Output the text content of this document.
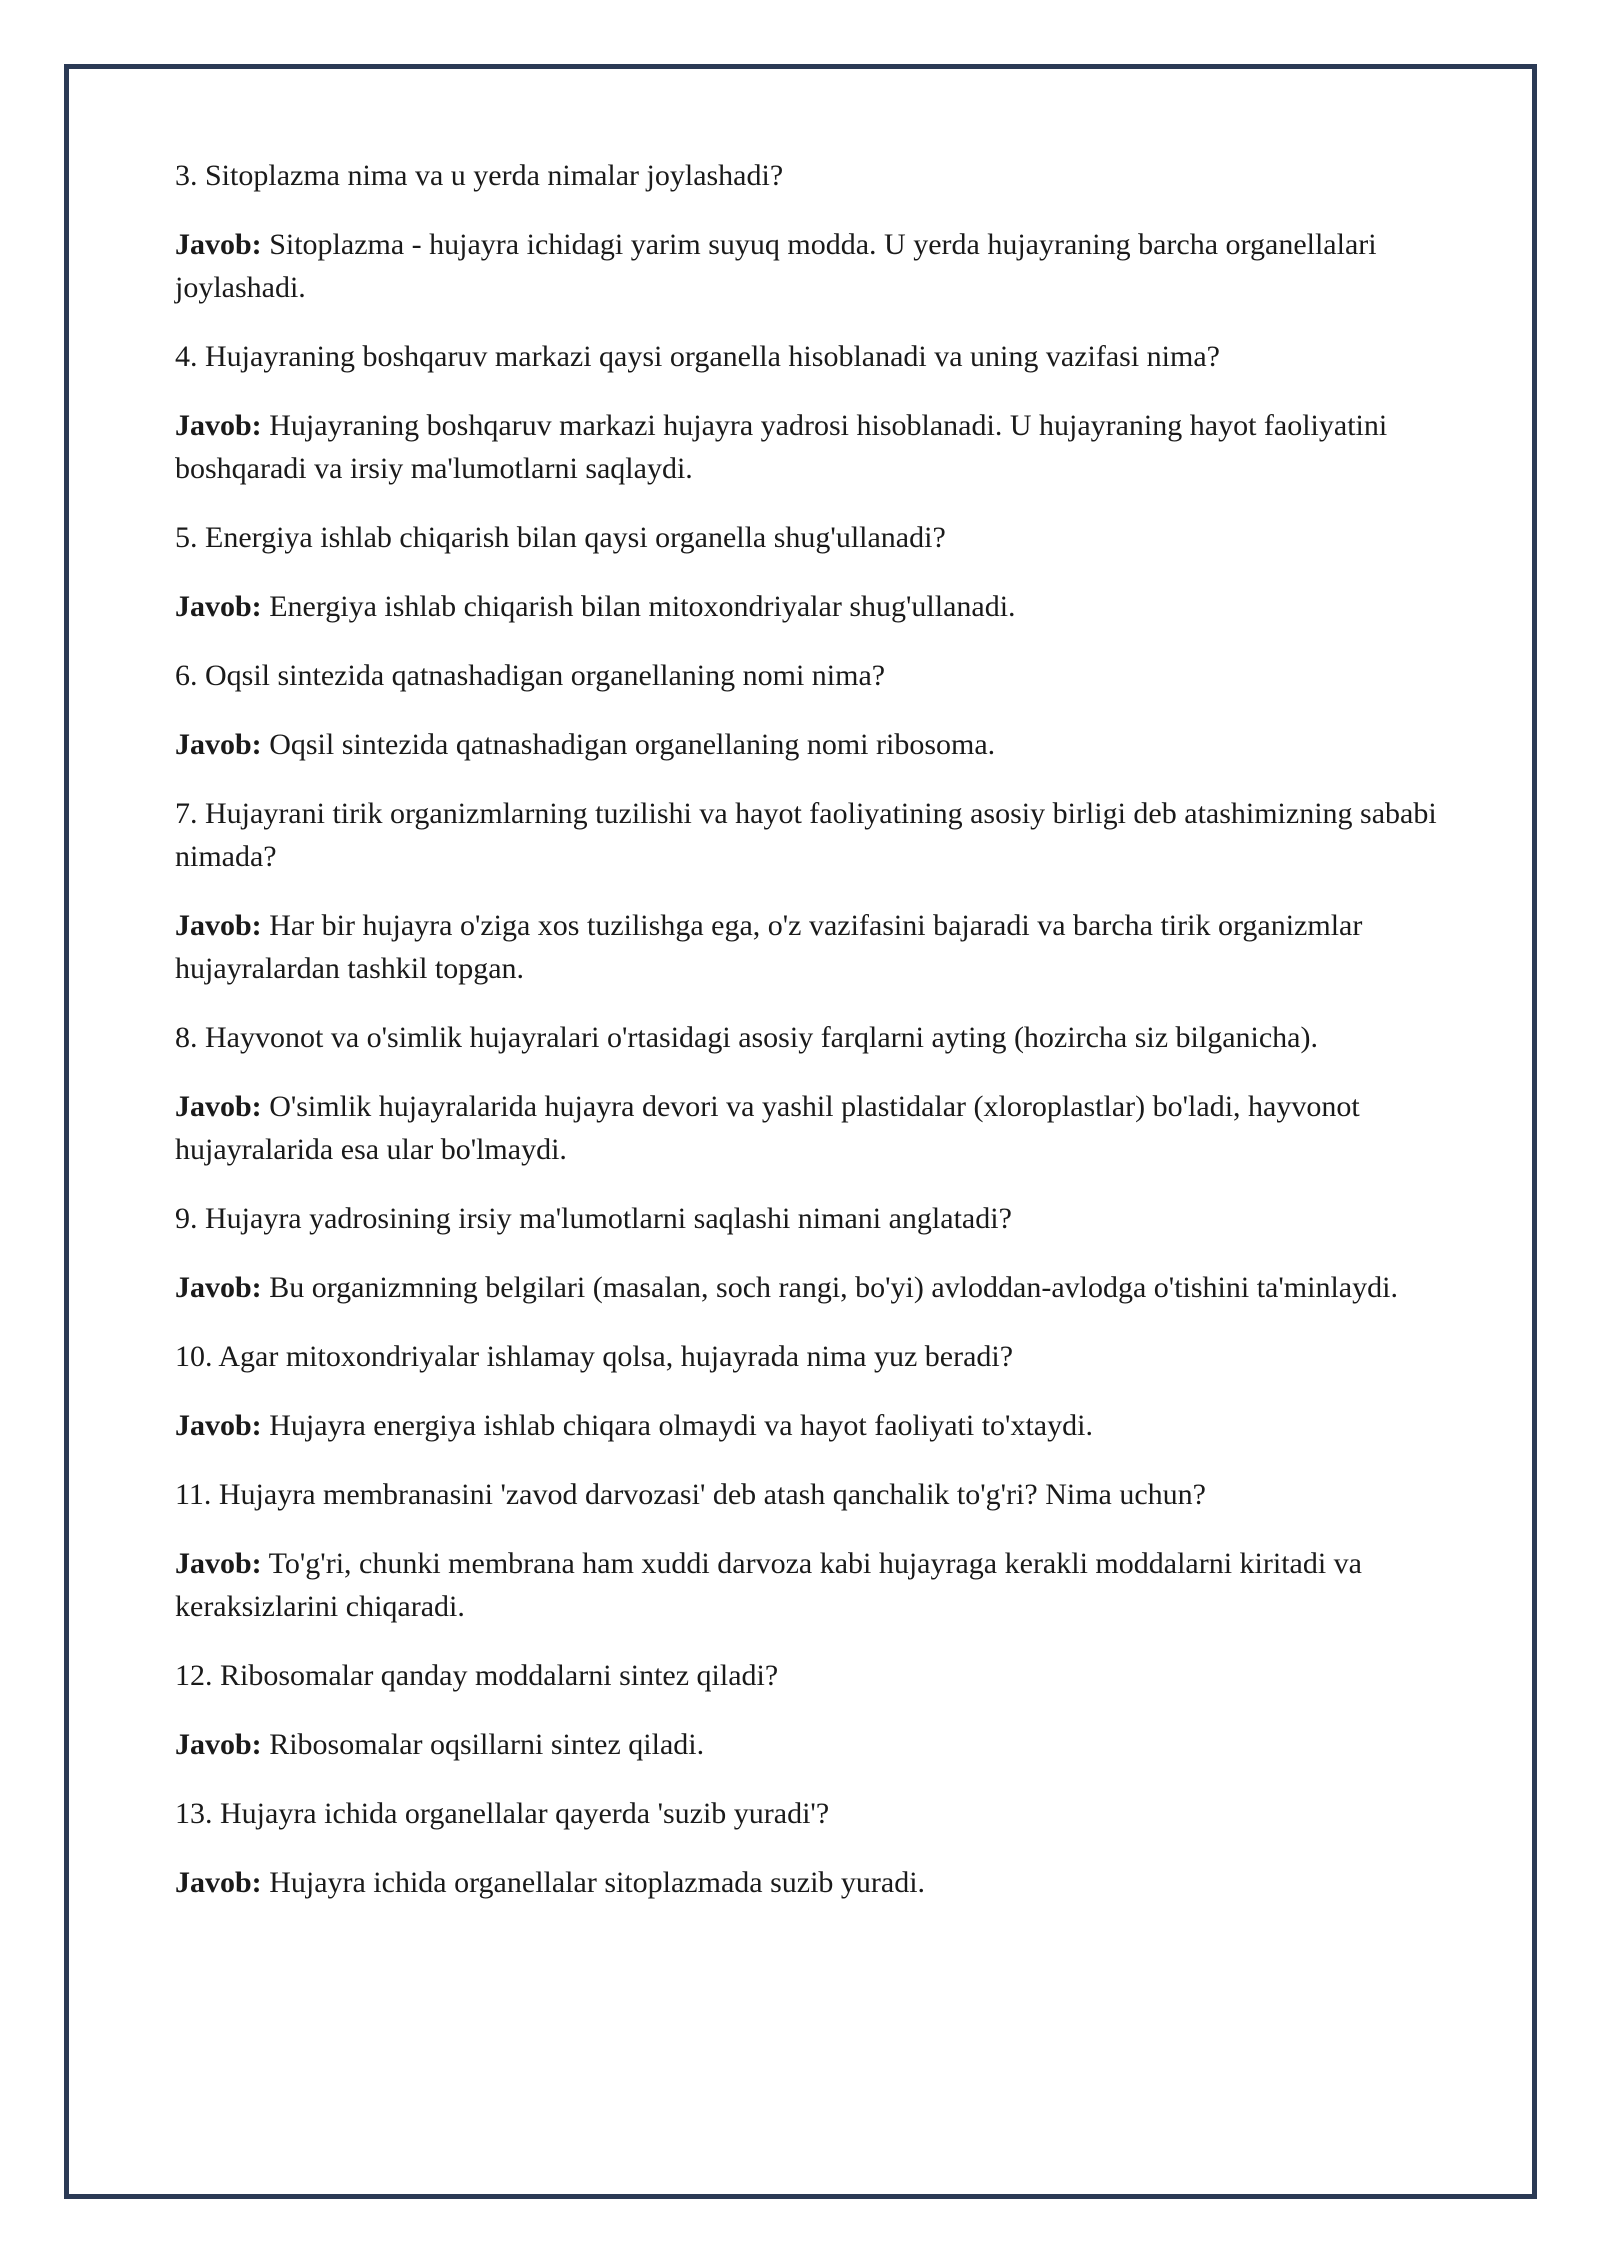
3. Sitoplazma nima va u yerda nimalar joylashadi?

Javob: Sitoplazma - hujayra ichidagi yarim suyuq modda. U yerda hujayraning barcha organellalari joylashadi.

4. Hujayraning boshqaruv markazi qaysi organella hisoblanadi va uning vazifasi nima?

Javob: Hujayraning boshqaruv markazi hujayra yadrosi hisoblanadi. U hujayraning hayot faoliyatini boshqaradi va irsiy ma'lumotlarni saqlaydi.

5. Energiya ishlab chiqarish bilan qaysi organella shug'ullanadi?

Javob: Energiya ishlab chiqarish bilan mitoxondriyalar shug'ullanadi.

6. Oqsil sintezida qatnashadigan organellaning nomi nima?

Javob: Oqsil sintezida qatnashadigan organellaning nomi ribosoma.

7. Hujayrani tirik organizmlarning tuzilishi va hayot faoliyatining asosiy birligi deb atashimizning sababi nimada?

Javob: Har bir hujayra o'ziga xos tuzilishga ega, o'z vazifasini bajaradi va barcha tirik organizmlar hujayralardan tashkil topgan.

8. Hayvonot va o'simlik hujayralari o'rtasidagi asosiy farqlarni ayting (hozircha siz bilganicha).

Javob: O'simlik hujayralarida hujayra devori va yashil plastidalar (xloroplastlar) bo'ladi, hayvonot hujayralarida esa ular bo'lmaydi.

9. Hujayra yadrosining irsiy ma'lumotlarni saqlashi nimani anglatadi?

Javob: Bu organizmning belgilari (masalan, soch rangi, bo'yi) avloddan-avlodga o'tishini ta'minlaydi.

10. Agar mitoxondriyalar ishlamay qolsa, hujayrada nima yuz beradi?

Javob: Hujayra energiya ishlab chiqara olmaydi va hayot faoliyati to'xtaydi.

11. Hujayra membranasini 'zavod darvozasi' deb atash qanchalik to'g'ri? Nima uchun?

Javob: To'g'ri, chunki membrana ham xuddi darvoza kabi hujayraga kerakli moddalarni kiritadi va keraksizlarini chiqaradi.

12. Ribosomalar qanday moddalarni sintez qiladi?

Javob: Ribosomalar oqsillarni sintez qiladi.

13. Hujayra ichida organellalar qayerda 'suzib yuradi'?

Javob: Hujayra ichida organellalar sitoplazmada suzib yuradi.
